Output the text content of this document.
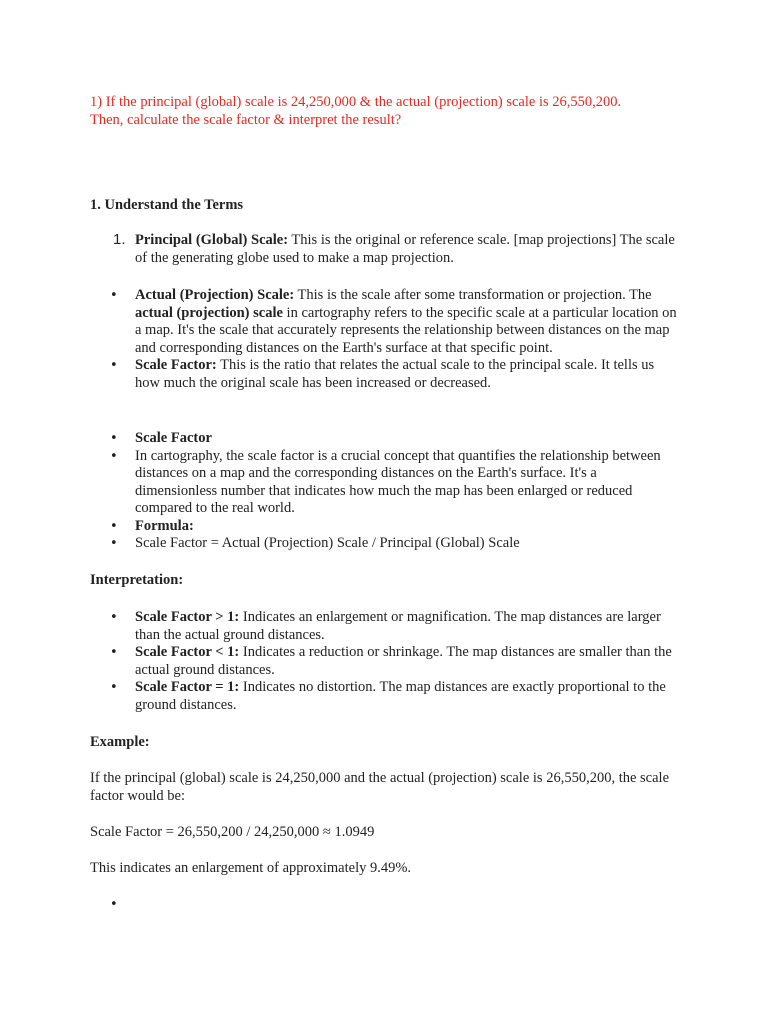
1) If the principal (global) scale is 24,250,000 & the actual (projection) scale is 26,550,200.
Then, calculate the scale factor & interpret the result?

1. Understand the Terms

1. Principal (Global) Scale: This is the original or reference scale. [map projections] The scale of the generating globe used to make a map projection.
•	Actual (Projection) Scale: This is the scale after some transformation or projection. The actual (projection) scale in cartography refers to the specific scale at a particular location on a map. It's the scale that accurately represents the relationship between distances on the map and corresponding distances on the Earth's surface at that specific point.
•	Scale Factor: This is the ratio that relates the actual scale to the principal scale. It tells us how much the original scale has been increased or decreased.
•	Scale Factor
•	In cartography, the scale factor is a crucial concept that quantifies the relationship between distances on a map and the corresponding distances on the Earth's surface. It's a dimensionless number that indicates how much the map has been enlarged or reduced compared to the real world.
•	Formula:
•	Scale Factor = Actual (Projection) Scale / Principal (Global) Scale

Interpretation:

•	Scale Factor > 1: Indicates an enlargement or magnification. The map distances are larger than the actual ground distances.
•	Scale Factor < 1: Indicates a reduction or shrinkage. The map distances are smaller than the actual ground distances.
•	Scale Factor = 1: Indicates no distortion. The map distances are exactly proportional to the ground distances.

Example:

If the principal (global) scale is 24,250,000 and the actual (projection) scale is 26,550,200, the scale factor would be:

Scale Factor = 26,550,200 / 24,250,000 ≈ 1.0949

This indicates an enlargement of approximately 9.49%.

•
